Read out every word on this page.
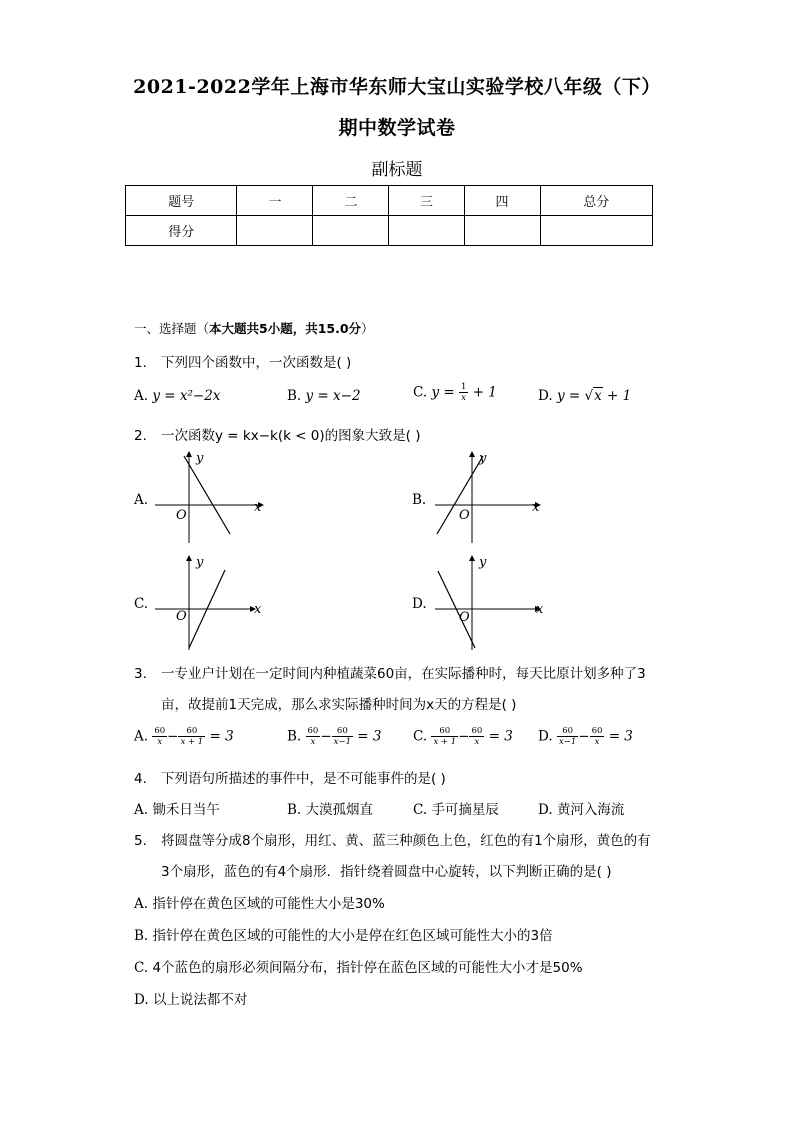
2021-2022学年上海市华东师大宝山实验学校八年级（下）
期中数学试卷
副标题
题号	一	二	三	四	总分
得分					
一、选择题（本大题共5小题，共15.0分）
1. 下列四个函数中，一次函数是( )
A. y = x²−2x	B. y = x−2	C. $y = \frac{1}{x} + 1$	D. y = √x + 1
2. 一次函数y = kx−k(k < 0)的图象大致是( )
A.
y
x
O
B.
y
x
O
C.
y
x
O
D.
y
x
O
3. 一专业户计划在一定时间内种植蔬菜60亩，在实际播种时，每天比原计划多种了3
亩，故提前1天完成，那么求实际播种时间为x天的方程是( )
A. $\frac{60}{x} - \frac{60}{x + 1} = 3$	B. $\frac{60}{x} - \frac{60}{x-1} = 3$ C. $\frac{60}{x + 1} - \frac{60}{x} = 3$ D. $\frac{60}{x-1} - \frac{60}{x} = 3$
4. 下列语句所描述的事件中，是不可能事件的是( )
A. 锄禾日当午	B. 大漠孤烟直	C. 手可摘星辰	D. 黄河入海流
5. 将圆盘等分成8个扇形，用红、黄、蓝三种颜色上色，红色的有1个扇形，黄色的有
3个扇形，蓝色的有4个扇形．指针绕着圆盘中心旋转，以下判断正确的是( )
A. 指针停在黄色区域的可能性大小是30%
B. 指针停在黄色区域的可能性的大小是停在红色区域可能性大小的3倍
C. 4个蓝色的扇形必须间隔分布，指针停在蓝色区域的可能性大小才是50%
D. 以上说法都不对
